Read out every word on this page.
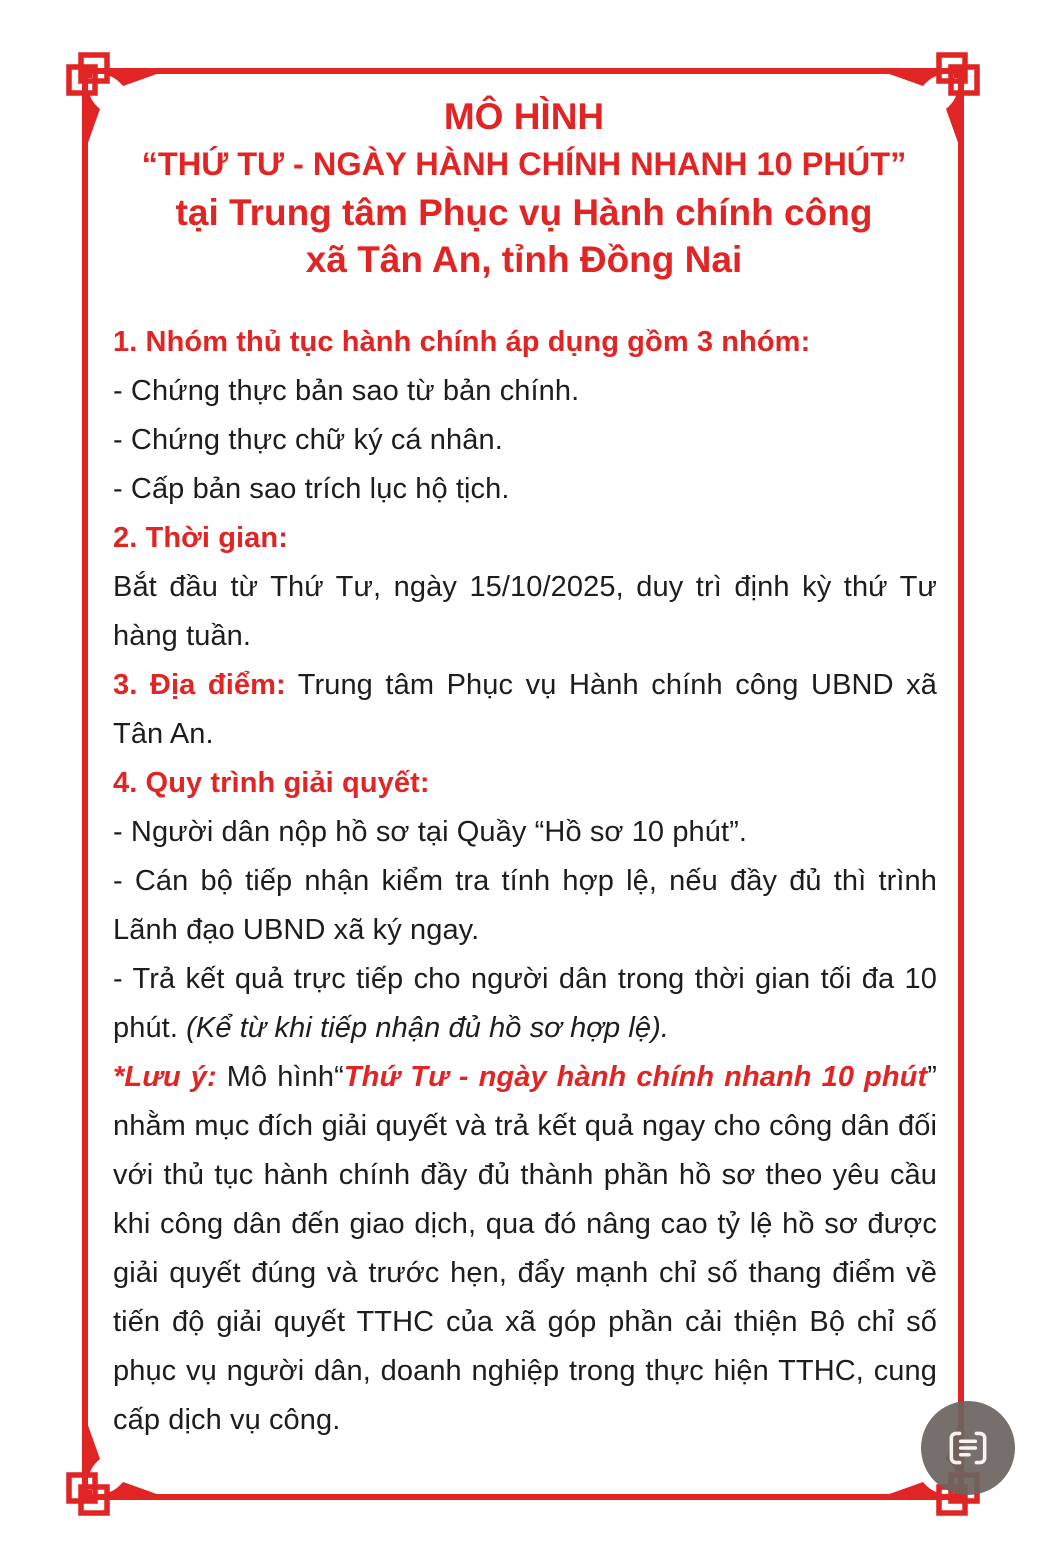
MÔ HÌNH
“THỨ TƯ - NGÀY HÀNH CHÍNH NHANH 10 PHÚT”
tại Trung tâm Phục vụ Hành chính công
xã Tân An, tỉnh Đồng Nai

1. Nhóm thủ tục hành chính áp dụng gồm 3 nhóm:

- Chứng thực bản sao từ bản chính.

- Chứng thực chữ ký cá nhân.

- Cấp bản sao trích lục hộ tịch.

2. Thời gian:

Bắt đầu từ Thứ Tư, ngày 15/10/2025, duy trì định kỳ thứ Tư hàng tuần.

3. Địa điểm: Trung tâm Phục vụ Hành chính công UBND xã Tân An.

4. Quy trình giải quyết:

- Người dân nộp hồ sơ tại Quầy “Hồ sơ 10 phút”.

- Cán bộ tiếp nhận kiểm tra tính hợp lệ, nếu đầy đủ thì trình Lãnh đạo UBND xã ký ngay.

- Trả kết quả trực tiếp cho người dân trong thời gian tối đa 10 phút. (Kể từ khi tiếp nhận đủ hồ sơ hợp lệ).

*Lưu ý: Mô hình“Thứ Tư - ngày hành chính nhanh 10 phút” nhằm mục đích giải quyết và trả kết quả ngay cho công dân đối với thủ tục hành chính đầy đủ thành phần hồ sơ theo yêu cầu khi công dân đến giao dịch, qua đó nâng cao tỷ lệ hồ sơ được giải quyết đúng và trước hẹn, đẩy mạnh chỉ số thang điểm về tiến độ giải quyết TTHC của xã góp phần cải thiện Bộ chỉ số phục vụ người dân, doanh nghiệp trong thực hiện TTHC, cung cấp dịch vụ công.
